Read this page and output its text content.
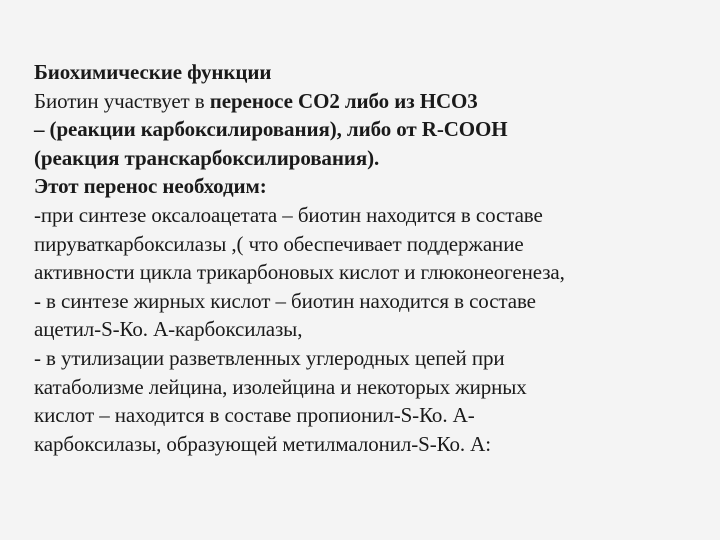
Биохимические функции
Биотин участвует в переносе СО2 либо из НСО3
– (реакции карбоксилирования), либо от R-COOH
(реакция транскарбоксилирования).
Этот перенос необходим:
-при синтезе оксалоацетата – биотин находится в составе
пируваткарбоксилазы ,( что обеспечивает поддержание
активности цикла трикарбоновых кислот и глюконеогенеза,
- в синтезе жирных кислот – биотин находится в составе
ацетил-S-Ко. А-карбоксилазы,
- в утилизации разветвленных углеродных цепей при
катаболизме лейцина, изолейцина и некоторых жирных
кислот – находится в составе пропионил-S-Ко. А-
карбоксилазы, образующей метилмалонил-S-Ко. А:
